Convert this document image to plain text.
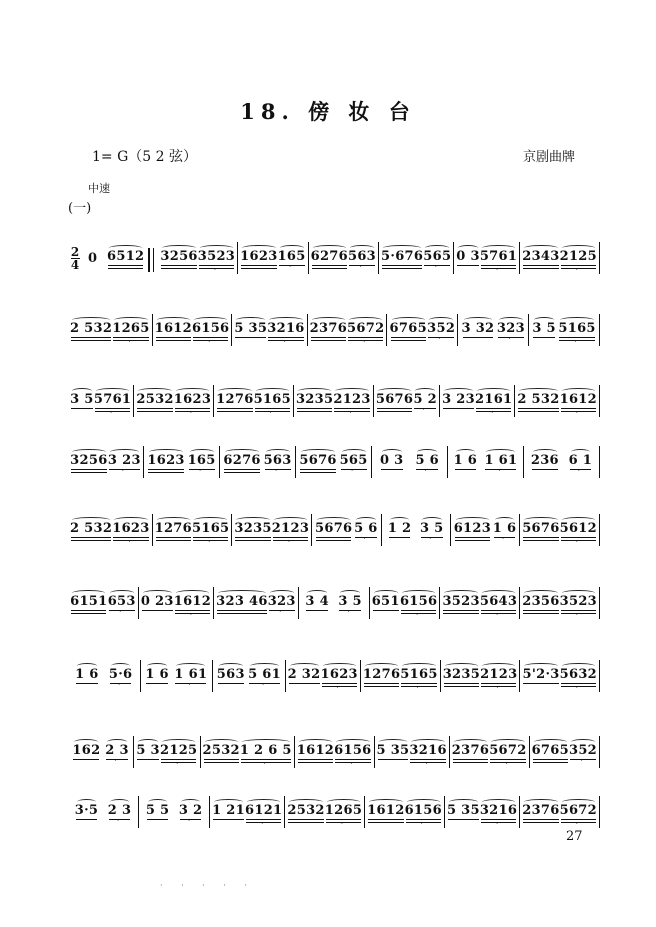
18. 傍 妆 台
1= G（5 2 弦）	京剧曲牌
中速
(一)
2
4 0 6512 3256 3523
·
1623 165
·
6276 563
·
5·676 565
·
0 3 5761
·
2343 2125
·
2 532 1265
·
1612 6156
·
5 35 3216
·
2376 5672
·
6765 352
·
3 32 323
·
3 5 5165
·
3 5 5761
·
2532 1623
·
1276 5165
·
3235 2123
·
5676 5 2
·
3 23 2161
·
2 532 1612
·
3256 3 23
·
1623 165
·
6276 563
·
5676 565
·
0 3 5 6
·
1 6 1 61
·
236 6 1
·
2 532 1623
·
1276 5165
·
3235 2123
·
5676 5 6
·
1 2 3 5
·
6123 1 6
·
5676 5612
·
6151 653
·
0 23 1612
·
323 46 323
·
3 4 3 5
·
651 6156
·
3523 5643
·
2356 3523
·
1 6 5·6
·
1 6 1 61
·
563 5 61
·
2 32 1623
·
1276 5165
·
3235 2123
·
5'2·3 5632
·
162 2 3
·
5 3 2125
·
2532 1 2 6 5
·
1612 6156
·
5 35 3216
·
2376 5672
·
6765 352
·
3·5 2 3
·
5 5 3 2
·
1 21 6121
·
2532 1265
·
1612 6156
·
5 35 3216
·
2376 5672
·
27
· · · · ·
